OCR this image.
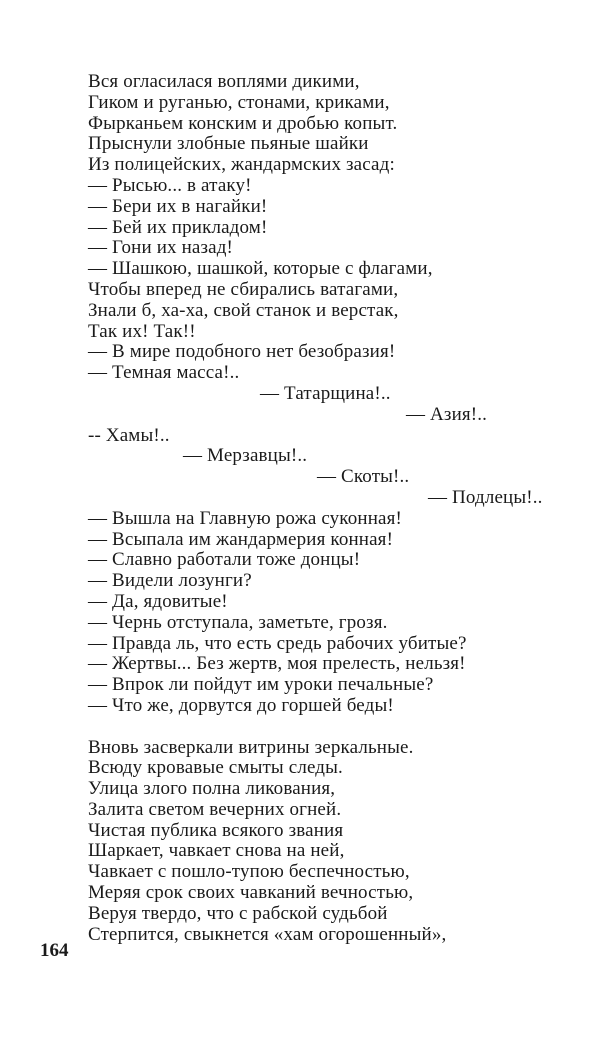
Вся огласилася воплями дикими,
Гиком и руганью, стонами, криками,
Фырканьем конским и дробью копыт.
Прыснули злобные пьяные шайки
Из полицейских, жандармских засад:
— Рысью... в атаку!
— Бери их в нагайки!
— Бей их прикладом!
— Гони их назад!
— Шашкою, шашкой, которые с флагами,
Чтобы вперед не сбирались ватагами,
Знали б, ха-ха, свой станок и верстак,
Так их! Так!!
— В мире подобного нет безобразия!
— Темная масса!..
— Татарщина!..
— Азия!..
-- Хамы!..
— Мерзавцы!..
— Скоты!..
— Подлецы!..
— Вышла на Главную рожа суконная!
— Всыпала им жандармерия конная!
— Славно работали тоже донцы!
— Видели лозунги?
— Да, ядовитые!
— Чернь отступала, заметьте, грозя.
— Правда ль, что есть средь рабочих убитые?
— Жертвы... Без жертв, моя прелесть, нельзя!
— Впрок ли пойдут им уроки печальные?
— Что же, дорвутся до горшей беды!
Вновь засверкали витрины зеркальные.
Всюду кровавые смыты следы.
Улица злого полна ликования,
Залита светом вечерних огней.
Чистая публика всякого звания
Шаркает, чавкает снова на ней,
Чавкает с пошло-тупою беспечностью,
Меряя срок своих чавканий вечностью,
Веруя твердо, что с рабской судьбой
Стерпится, свыкнется «хам огорошенный»,
164
